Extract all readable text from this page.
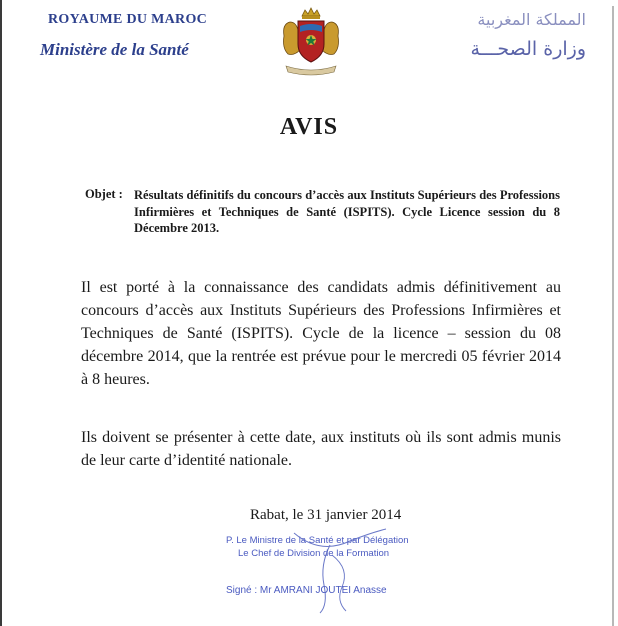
ROYAUME DU MAROC
Ministère de la Santé
المملكة المغربية
وزارة الصحـــة
AVIS
Objet : Résultats définitifs du concours d’accès aux Instituts Supérieurs des Professions Infirmières et Techniques de Santé (ISPITS). Cycle Licence session du 8 Décembre 2013.
Il est porté à la connaissance des candidats admis définitivement au concours d’accès aux Instituts Supérieurs des Professions Infirmières et Techniques de Santé (ISPITS). Cycle de la licence – session du 08 décembre 2014, que la rentrée est prévue pour le mercredi 05 février 2014 à 8 heures.
Ils doivent se présenter à cette date, aux instituts où ils sont admis munis de leur carte d’identité nationale.
Rabat, le 31 janvier 2014
P. Le Ministre de la Santé et par Délégation
Le Chef de Division de la Formation
Signé : Mr AMRANI JOUTEI Anasse
